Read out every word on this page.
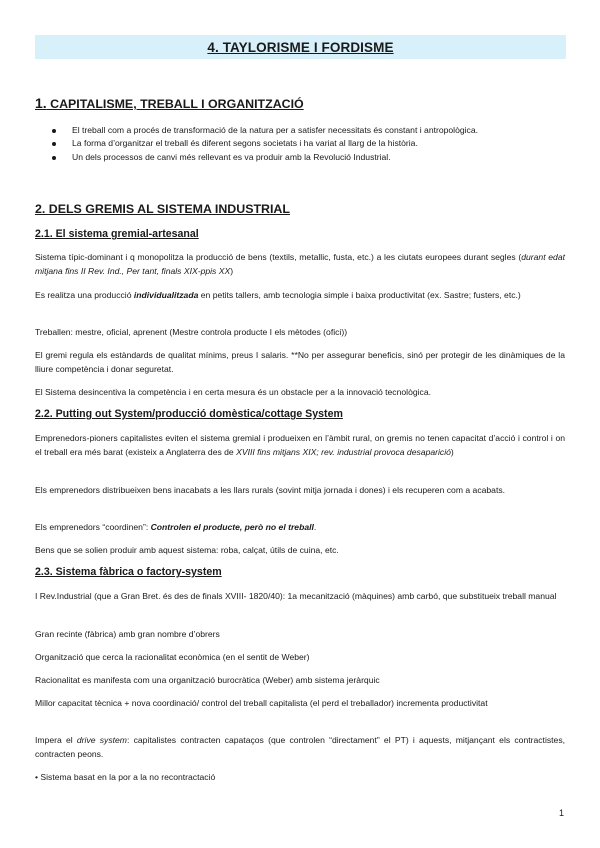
4. TAYLORISME I FORDISME
1. CAPITALISME, TREBALL I ORGANITZACIÓ
El treball com a procés de transformació de la natura per a satisfer necessitats és constant i antropològica.
La forma d’organitzar el treball és diferent segons societats i ha variat al llarg de la història.
Un dels processos de canvi més rellevant es va produir amb la Revolució Industrial.
2. DELS GREMIS AL SISTEMA INDUSTRIAL
2.1. El sistema gremial-artesanal

Sistema típic-dominant i q monopolitza la producció de bens (textils, metallic, fusta, etc.) a les ciutats europees durant segles (durant edat mitjana fins II Rev. Ind., Per tant, finals XIX-ppis XX)

Es realitza una producció individualitzada en petits tallers, amb tecnologia simple i baixa productivitat (ex. Sastre; fusters, etc.)

Treballen: mestre, oficial, aprenent (Mestre controla producte I els mètodes (ofici))

El gremi regula els estàndards de qualitat mínims, preus I salaris. **No per assegurar beneficis, sinó per protegir de les dinàmiques de la lliure competència i donar seguretat.

El Sistema desincentiva la competència i en certa mesura és un obstacle per a la innovació tecnològica.

2.2. Putting out System/producció domèstica/cottage System

Emprenedors-pioners capitalistes eviten el sistema gremial i produeixen en l’àmbit rural, on gremis no tenen capacitat d’acció i control i on el treball era més barat (existeix a Anglaterra des de XVIII fins mitjans XIX; rev. industrial provoca desaparició)

Els emprenedors distribueixen bens inacabats a les llars rurals (sovint mitja jornada i dones) i els recuperen com a acabats.

Els emprenedors “coordinen”: Controlen el producte, però no el treball.

Bens que se solien produir amb aquest sistema: roba, calçat, útils de cuina, etc.

2.3. Sistema fàbrica o factory-system

I Rev.Industrial (que a Gran Bret. és des de finals XVIII- 1820/40): 1a mecanització (màquines) amb carbó, que substitueix treball manual

Gran recinte (fàbrica) amb gran nombre d’obrers

Organització que cerca la racionalitat econòmica (en el sentit de Weber)

Racionalitat es manifesta com una organització burocràtica (Weber) amb sistema jeràrquic

Millor capacitat tècnica + nova coordinació/ control del treball capitalista (el perd el treballador) incrementa productivitat

Impera el drive system: capitalistes contracten capataços (que controlen “directament” el PT) i aquests, mitjançant els contractistes, contracten peons.

• Sistema basat en la por a la no recontractació

1
